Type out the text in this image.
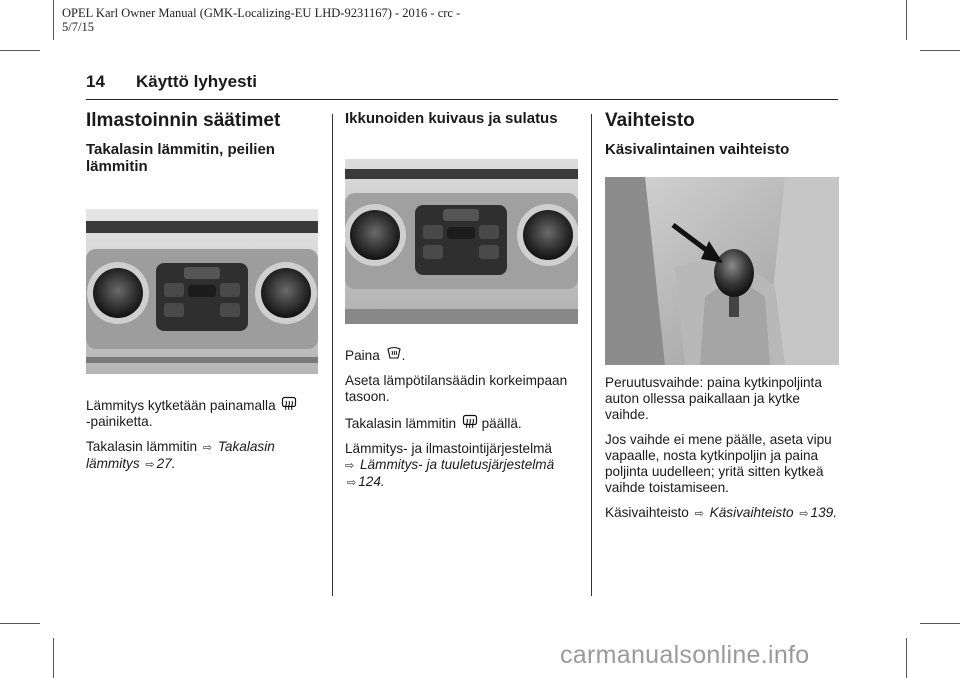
OPEL Karl Owner Manual (GMK-Localizing-EU LHD-9231167) - 2016 - crc -
5/7/15
14 Käyttö lyhyesti
Ilmastoinnin säätimet
Takalasin lämmitin, peilien lämmitin

Lämmitys kytketään painamalla
-painiketta.

Takalasin lämmitin ⇨ Takalasin lämmitys ⇨ 27.

Ikkunoiden kuivaus ja sulatus

Paina .

Aseta lämpötilansäädin korkeimpaan tasoon.

Takalasin lämmitin päällä.

Lämmitys- ja ilmastointijärjestelmä
⇨ Lämmitys- ja tuuletusjärjestelmä ⇨ 124.

Vaihteisto
Käsivalintainen vaihteisto

Peruutusvaihde: paina kytkinpoljinta auton ollessa paikallaan ja kytke vaihde.

Jos vaihde ei mene päälle, aseta vipu vapaalle, nosta kytkinpoljin ja paina poljinta uudelleen; yritä sitten kytkeä vaihde toistamiseen.

Käsivaihteisto ⇨ Käsivaihteisto ⇨ 139.

carmanualsonline.info
